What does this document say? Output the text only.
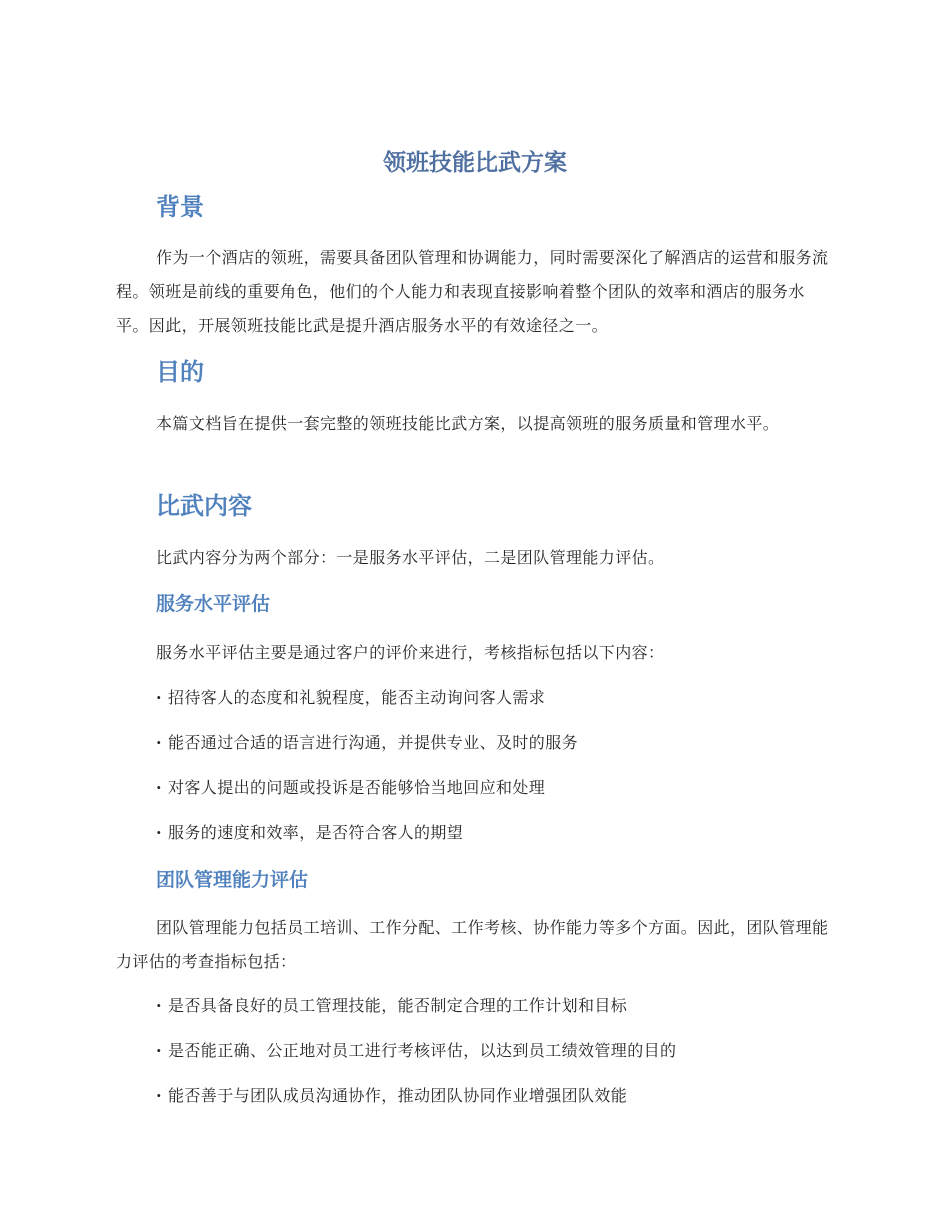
领班技能比武方案
背景

作为一个酒店的领班，需要具备团队管理和协调能力，同时需要深化了解酒店的运营和服务流程。领班是前线的重要角色，他们的个人能力和表现直接影响着整个团队的效率和酒店的服务水平。因此，开展领班技能比武是提升酒店服务水平的有效途径之一。

目的

本篇文档旨在提供一套完整的领班技能比武方案，以提高领班的服务质量和管理水平。

比武内容

比武内容分为两个部分：一是服务水平评估，二是团队管理能力评估。

服务水平评估

服务水平评估主要是通过客户的评价来进行，考核指标包括以下内容：

· 招待客人的态度和礼貌程度，能否主动询问客人需求

· 能否通过合适的语言进行沟通，并提供专业、及时的服务

· 对客人提出的问题或投诉是否能够恰当地回应和处理

· 服务的速度和效率，是否符合客人的期望

团队管理能力评估

团队管理能力包括员工培训、工作分配、工作考核、协作能力等多个方面。因此，团队管理能力评估的考查指标包括：

· 是否具备良好的员工管理技能，能否制定合理的工作计划和目标

· 是否能正确、公正地对员工进行考核评估，以达到员工绩效管理的目的

· 能否善于与团队成员沟通协作，推动团队协同作业增强团队效能
